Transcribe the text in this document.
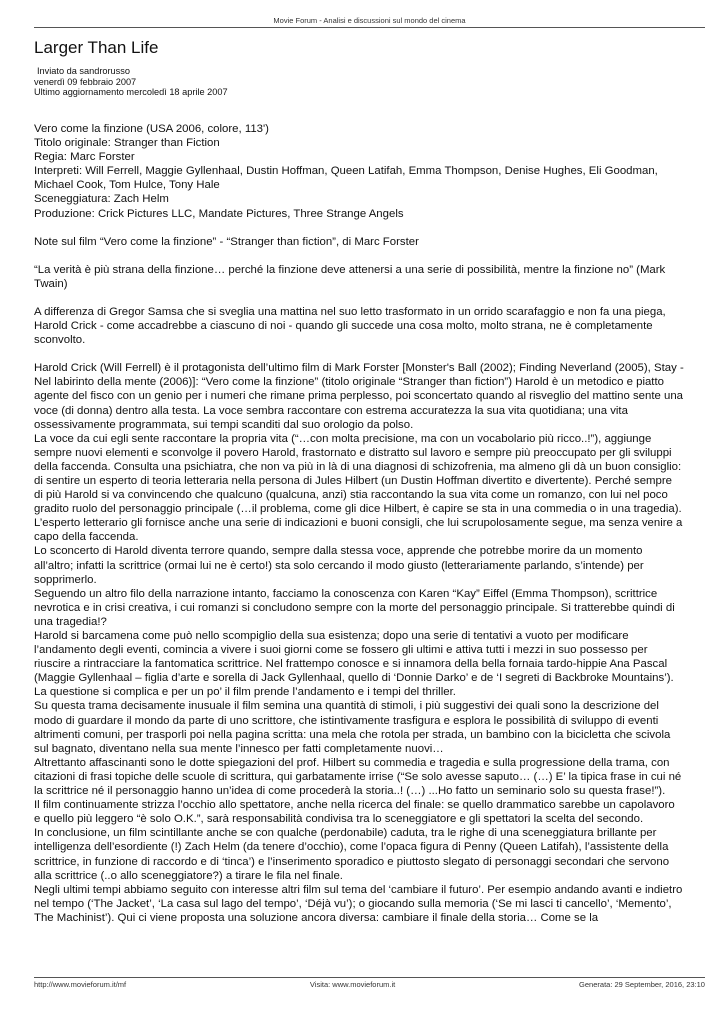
Movie Forum - Analisi e discussioni sul mondo del cinema
Larger Than Life
Inviato da sandrorusso
venerdì 09 febbraio 2007
Ultimo aggiornamento mercoledì 18 aprile 2007

Vero come la finzione (USA 2006, colore, 113')

Titolo originale: Stranger than Fiction

Regia: Marc Forster

Interpreti: Will Ferrell, Maggie Gyllenhaal, Dustin Hoffman, Queen Latifah, Emma Thompson, Denise Hughes, Eli Goodman, Michael Cook, Tom Hulce, Tony Hale

Sceneggiatura: Zach Helm

Produzione: Crick Pictures LLC, Mandate Pictures, Three Strange Angels

Note sul film “Vero come la finzione” - “Stranger than fiction”, di Marc Forster

“La verità è più strana della finzione… perché la finzione deve attenersi a una serie di possibilità, mentre la finzione no” (Mark Twain)

A differenza di Gregor Samsa che si sveglia una mattina nel suo letto trasformato in un orrido scarafaggio e non fa una piega, Harold Crick - come accadrebbe a ciascuno di noi - quando gli succede una cosa molto, molto strana, ne è completamente sconvolto.

Harold Crick (Will Ferrell) è il protagonista dell’ultimo film di Mark Forster [Monster's Ball (2002); Finding Neverland (2005), Stay - Nel labirinto della mente (2006)]: “Vero come la finzione” (titolo originale “Stranger than fiction”) Harold è un metodico e piatto agente del fisco con un genio per i numeri che rimane prima perplesso, poi sconcertato quando al risveglio del mattino sente una voce (di donna) dentro alla testa. La voce sembra raccontare con estrema accuratezza la sua vita quotidiana; una vita ossessivamente programmata, sui tempi scanditi dal suo orologio da polso.

La voce da cui egli sente raccontare la propria vita (“…con molta precisione, ma con un vocabolario più ricco..!”), aggiunge sempre nuovi elementi e sconvolge il povero Harold, frastornato e distratto sul lavoro e sempre più preoccupato per gli sviluppi della faccenda. Consulta una psichiatra, che non va più in là di una diagnosi di schizofrenia, ma almeno gli dà un buon consiglio: di sentire un esperto di teoria letteraria nella persona di Jules Hilbert (un Dustin Hoffman divertito e divertente). Perché sempre di più Harold si va convincendo che qualcuno (qualcuna, anzi) stia raccontando la sua vita come un romanzo, con lui nel poco gradito ruolo del personaggio principale (…il problema, come gli dice Hilbert, è capire se sta in una commedia o in una tragedia). L’esperto letterario gli fornisce anche una serie di indicazioni e buoni consigli, che lui scrupolosamente segue, ma senza venire a capo della faccenda.

Lo sconcerto di Harold diventa terrore quando, sempre dalla stessa voce, apprende che potrebbe morire da un momento all’altro; infatti la scrittrice (ormai lui ne è certo!) sta solo cercando il modo giusto (letterariamente parlando, s’intende) per sopprimerlo.

Seguendo un altro filo della narrazione intanto, facciamo la conoscenza con Karen “Kay” Eiffel (Emma Thompson), scrittrice nevrotica e in crisi creativa, i cui romanzi si concludono sempre con la morte del personaggio principale. Si tratterebbe quindi di una tragedia!?

Harold si barcamena come può nello scompiglio della sua esistenza; dopo una serie di tentativi a vuoto per modificare l’andamento degli eventi, comincia a vivere i suoi giorni come se fossero gli ultimi e attiva tutti i mezzi in suo possesso per riuscire a rintracciare la fantomatica scrittrice. Nel frattempo conosce e si innamora della bella fornaia tardo-hippie Ana Pascal (Maggie Gyllenhaal – figlia d’arte e sorella di Jack Gyllenhaal, quello di ‘Donnie Darko’ e de ‘I segreti di Backbroke Mountains’).

La questione si complica e per un po’ il film prende l’andamento e i tempi del thriller.

Su questa trama decisamente inusuale il film semina una quantità di stimoli, i più suggestivi dei quali sono la descrizione del modo di guardare il mondo da parte di uno scrittore, che istintivamente trasfigura e esplora le possibilità di sviluppo di eventi altrimenti comuni, per trasporli poi nella pagina scritta: una mela che rotola per strada, un bambino con la bicicletta che scivola sul bagnato, diventano nella sua mente l’innesco per fatti completamente nuovi…

Altrettanto affascinanti sono le dotte spiegazioni del prof. Hilbert su commedia e tragedia e sulla progressione della trama, con citazioni di frasi topiche delle scuole di scrittura, qui garbatamente irrise (“Se solo avesse saputo… (…) E’ la tipica frase in cui né la scrittrice né il personaggio hanno un’idea di come procederà la storia..! (…) ...Ho fatto un seminario solo su questa frase!”).

Il film continuamente strizza l’occhio allo spettatore, anche nella ricerca del finale: se quello drammatico sarebbe un capolavoro e quello più leggero “è solo O.K.”, sarà responsabilità condivisa tra lo sceneggiatore e gli spettatori la scelta del secondo.

In conclusione, un film scintillante anche se con qualche (perdonabile) caduta, tra le righe di una sceneggiatura brillante per intelligenza dell’esordiente (!) Zach Helm (da tenere d’occhio), come l’opaca figura di Penny (Queen Latifah), l’assistente della scrittrice, in funzione di raccordo e di ‘tinca’) e l’inserimento sporadico e piuttosto slegato di personaggi secondari che servono alla scrittrice (..o allo sceneggiatore?) a tirare le fila nel finale.

Negli ultimi tempi abbiamo seguito con interesse altri film sul tema del ‘cambiare il futuro’. Per esempio andando avanti e indietro nel tempo (‘The Jacket’, ‘La casa sul lago del tempo’, ‘Déjà vu’); o giocando sulla memoria (‘Se mi lasci ti cancello’, ‘Memento’, The Machinist’). Qui ci viene proposta una soluzione ancora diversa: cambiare il finale della storia… Come se la

http://www.movieforum.it/mf	Visita: www.movieforum.it	Generata: 29 September, 2016, 23:10
